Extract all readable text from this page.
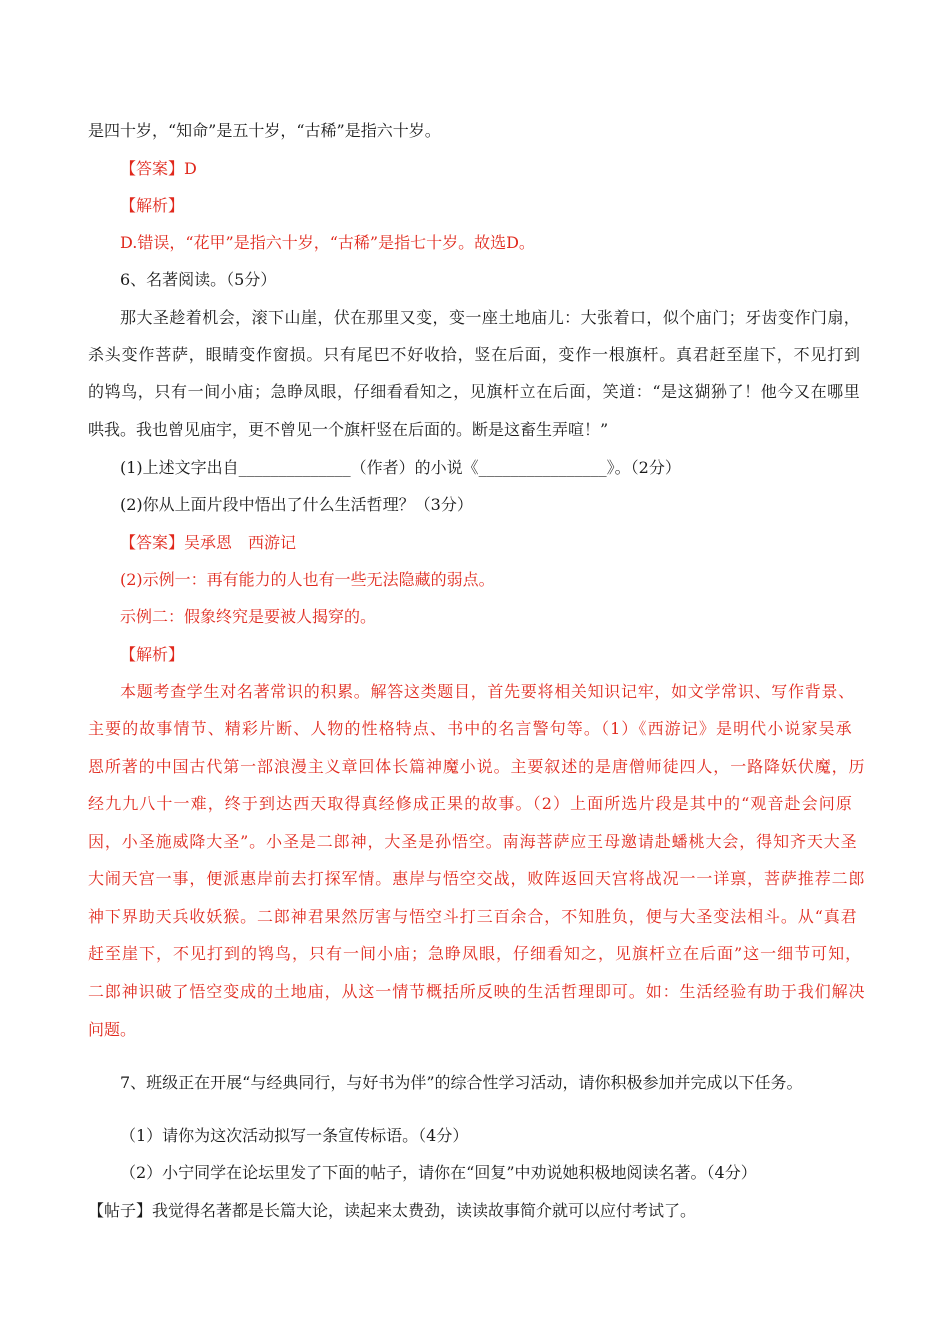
是四十岁，“知命”是五十岁，“古稀”是指六十岁。
【答案】D
【解析】
D.错误，“花甲”是指六十岁，“古稀”是指七十岁。故选D。
6、名著阅读。（5分）
那大圣趁着机会，滚下山崖，伏在那里又变，变一座土地庙儿：大张着口，似个庙门；牙齿变作门扇，
杀头变作菩萨，眼睛变作窗损。只有尾巴不好收拾，竖在后面，变作一根旗杆。真君赶至崖下，不见打到
的鸨鸟，只有一间小庙；急睁凤眼，仔细看看知之，见旗杆立在后面，笑道：“是这猢狲了！他今又在哪里
哄我。我也曾见庙宇，更不曾见一个旗杆竖在后面的。断是这畜生弄喧！”
(1)上述文字出自______________（作者）的小说《________________》。（2分）
(2)你从上面片段中悟出了什么生活哲理？（3分）
【答案】吴承恩　西游记
(2)示例一：再有能力的人也有一些无法隐藏的弱点。
示例二：假象终究是要被人揭穿的。
【解析】
本题考查学生对名著常识的积累。解答这类题目，首先要将相关知识记牢，如文学常识、写作背景、
主要的故事情节、精彩片断、人物的性格特点、书中的名言警句等。（1）《西游记》是明代小说家吴承
恩所著的中国古代第一部浪漫主义章回体长篇神魔小说。主要叙述的是唐僧师徒四人，一路降妖伏魔，历
经九九八十一难，终于到达西天取得真经修成正果的故事。（2）上面所选片段是其中的“观音赴会问原
因，小圣施威降大圣”。小圣是二郎神，大圣是孙悟空。南海菩萨应王母邀请赴蟠桃大会，得知齐天大圣
大闹天宫一事，便派惠岸前去打探军情。惠岸与悟空交战，败阵返回天宫将战况一一详禀，菩萨推荐二郎
神下界助天兵收妖猴。二郎神君果然厉害与悟空斗打三百余合，不知胜负，便与大圣变法相斗。从“真君
赶至崖下，不见打到的鸨鸟，只有一间小庙；急睁凤眼，仔细看知之，见旗杆立在后面”这一细节可知，
二郎神识破了悟空变成的土地庙，从这一情节概括所反映的生活哲理即可。如：生活经验有助于我们解决
问题。
7、班级正在开展“与经典同行，与好书为伴”的综合性学习活动，请你积极参加并完成以下任务。
（1）请你为这次活动拟写一条宣传标语。（4分）
（2）小宁同学在论坛里发了下面的帖子，请你在“回复”中劝说她积极地阅读名著。（4分）
【帖子】我觉得名著都是长篇大论，读起来太费劲，读读故事简介就可以应付考试了。
